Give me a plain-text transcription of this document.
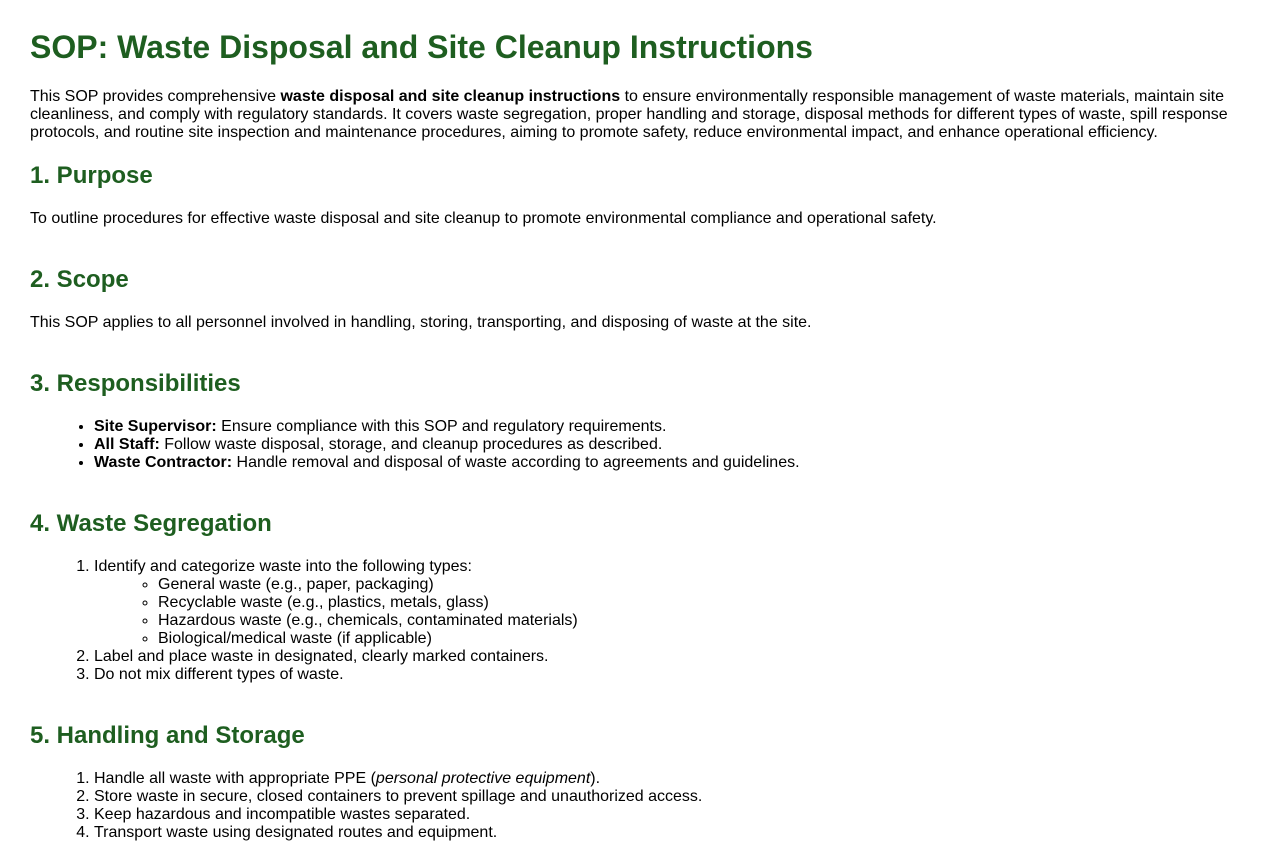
SOP: Waste Disposal and Site Cleanup Instructions

This SOP provides comprehensive waste disposal and site cleanup instructions to ensure environmentally responsible management of waste materials, maintain site cleanliness, and comply with regulatory standards. It covers waste segregation, proper handling and storage, disposal methods for different types of waste, spill response protocols, and routine site inspection and maintenance procedures, aiming to promote safety, reduce environmental impact, and enhance operational efficiency.

1. Purpose

To outline procedures for effective waste disposal and site cleanup to promote environmental compliance and operational safety.

2. Scope

This SOP applies to all personnel involved in handling, storing, transporting, and disposing of waste at the site.

3. Responsibilities
• Site Supervisor: Ensure compliance with this SOP and regulatory requirements.
• All Staff: Follow waste disposal, storage, and cleanup procedures as described.
• Waste Contractor: Handle removal and disposal of waste according to agreements and guidelines.
4. Waste Segregation
1. Identify and categorize waste into the following types:
◦ General waste (e.g., paper, packaging)
◦ Recyclable waste (e.g., plastics, metals, glass)
◦ Hazardous waste (e.g., chemicals, contaminated materials)
◦ Biological/medical waste (if applicable)
2. Label and place waste in designated, clearly marked containers.
3. Do not mix different types of waste.
5. Handling and Storage
1. Handle all waste with appropriate PPE (personal protective equipment).
2. Store waste in secure, closed containers to prevent spillage and unauthorized access.
3. Keep hazardous and incompatible wastes separated.
4. Transport waste using designated routes and equipment.
